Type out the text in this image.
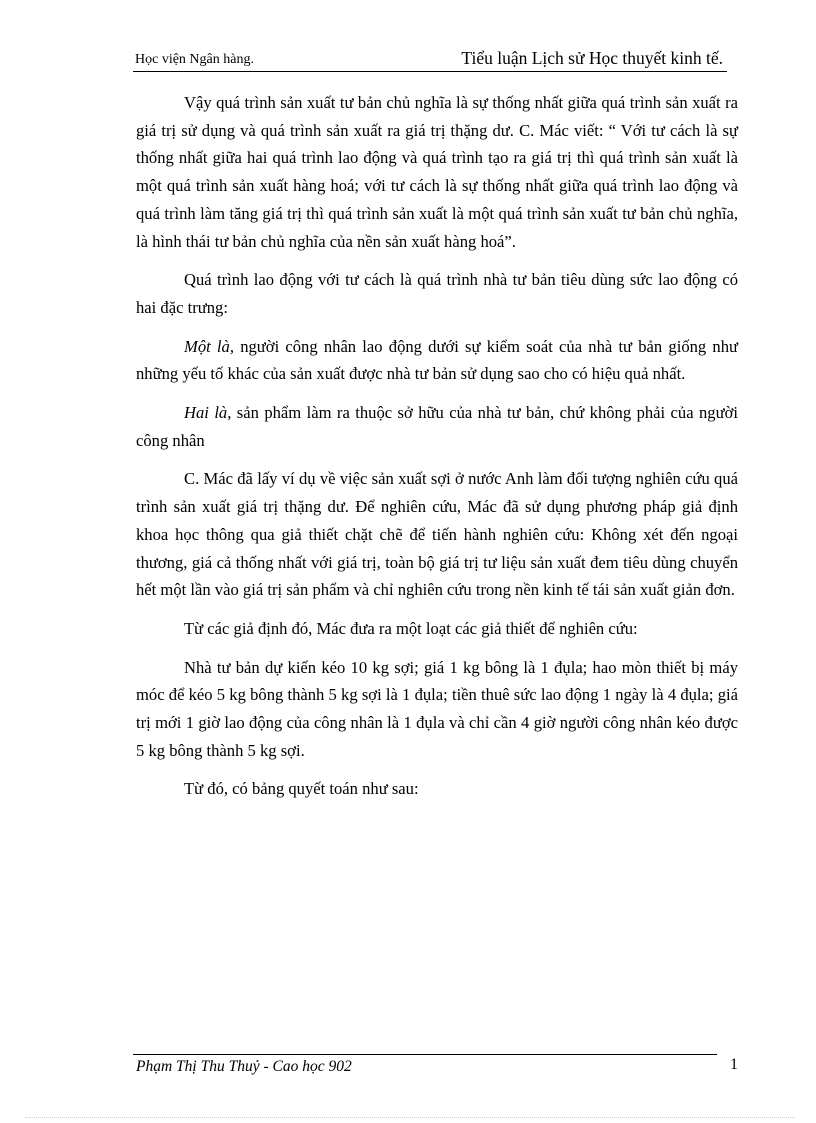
Học viện Ngân hàng.	Tiểu luận Lịch sử Học thuyết kinh tế.

Vậy quá trình sản xuất tư bản chủ nghĩa là sự thống nhất giữa quá trình sản xuất ra giá trị sử dụng và quá trình sản xuất ra giá trị thặng dư. C. Mác viết: “ Với tư cách là sự thống nhất giữa hai quá trình lao động và quá trình tạo ra giá trị thì quá trình sản xuất là một quá trình sản xuất hàng hoá; với tư cách là sự thống nhất giữa quá trình lao động và quá trình làm tăng giá trị thì quá trình sản xuất là một quá trình sản xuất tư bản chủ nghĩa, là hình thái tư bản chủ nghĩa của nền sản xuất hàng hoá”.

Quá trình lao động với tư cách là quá trình nhà tư bản tiêu dùng sức lao động có hai đặc trưng:

Một là, người công nhân lao động dưới sự kiểm soát của nhà tư bản giống như những yếu tố khác của sản xuất được nhà tư bản sử dụng sao cho có hiệu quả nhất.

Hai là, sản phẩm làm ra thuộc sở hữu của nhà tư bản, chứ không phải của người công nhân

C. Mác đã lấy ví dụ về việc sản xuất sợi ở nước Anh làm đối tượng nghiên cứu quá trình sản xuất giá trị thặng dư. Để nghiên cứu, Mác đã sử dụng phương pháp giả định khoa học thông qua giả thiết chặt chẽ để tiến hành nghiên cứu: Không xét đến ngoại thương, giá cả thống nhất với giá trị, toàn bộ giá trị tư liệu sản xuất đem tiêu dùng chuyển hết một lần vào giá trị sản phẩm và chỉ nghiên cứu trong nền kinh tế tái sản xuất giản đơn.

Từ các giả định đó, Mác đưa ra một loạt các giả thiết để nghiên cứu:

Nhà tư bản dự kiến kéo 10 kg sợi; giá 1 kg bông là 1 đụla; hao mòn thiết bị máy móc để kéo 5 kg bông thành 5 kg sợi là 1 đụla; tiền thuê sức lao động 1 ngày là 4 đụla; giá trị mới 1 giờ lao động của công nhân là 1 đụla và chỉ cần 4 giờ người công nhân kéo được 5 kg bông thành 5 kg sợi.

Từ đó, có bảng quyết toán như sau:

Phạm Thị Thu Thuỷ - Cao học 902	1
